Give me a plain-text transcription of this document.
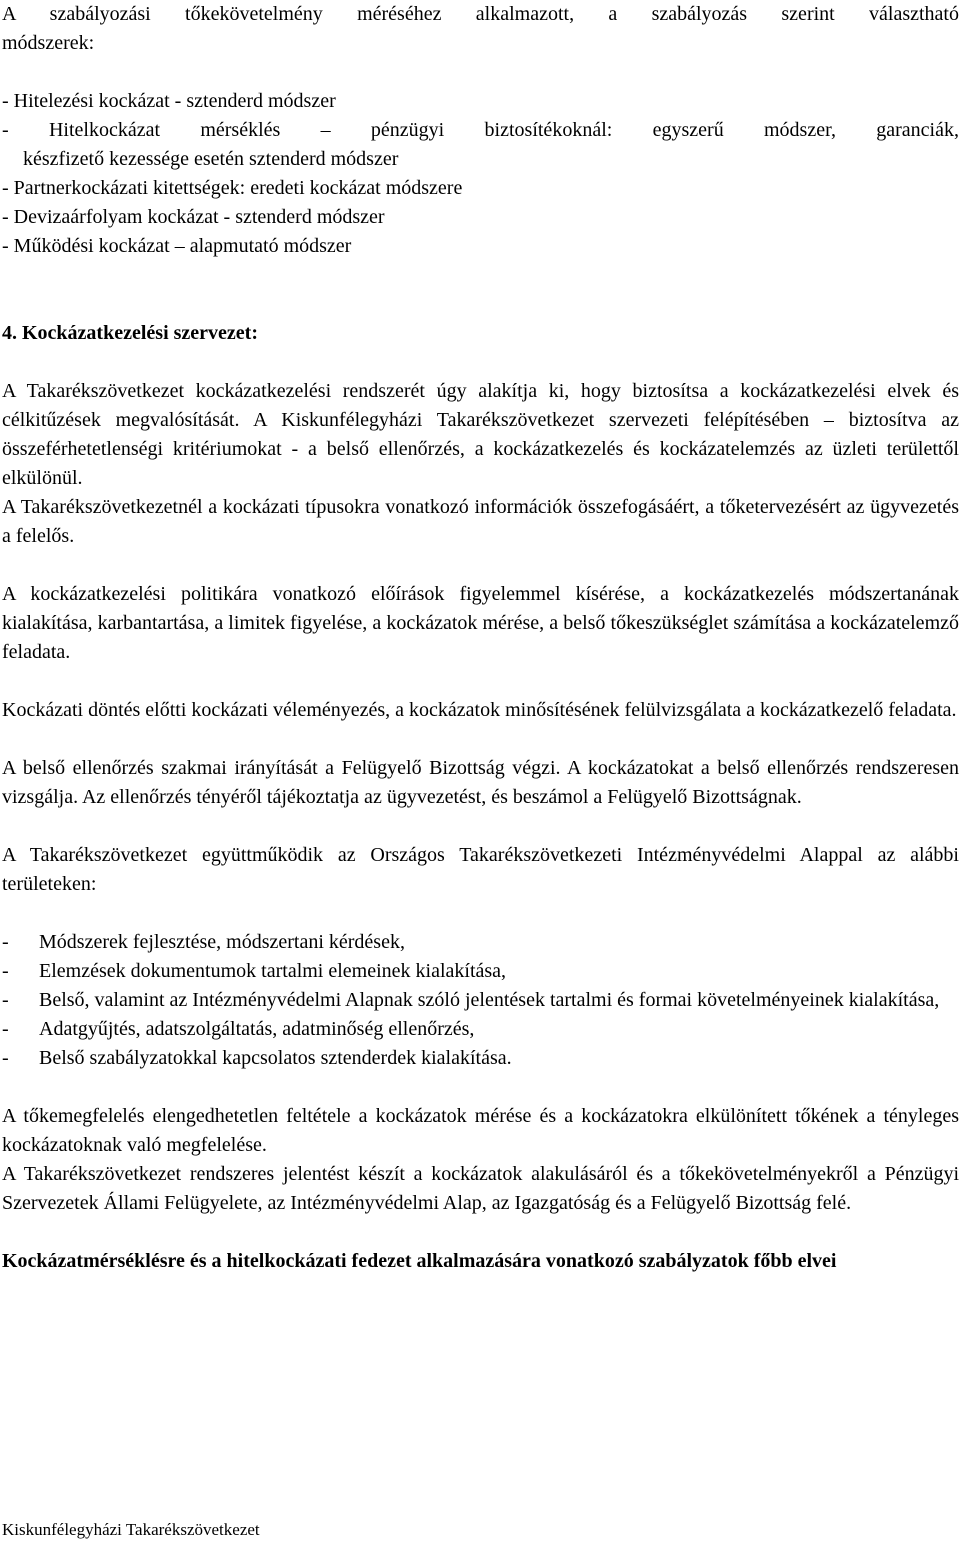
A szabályozási tőkekövetelmény méréséhez alkalmazott, a szabályozás szerint választható

módszerek:

- Hitelezési kockázat - sztenderd módszer

- Hitelkockázat mérséklés – pénzügyi biztosítékoknál: egyszerű módszer, garanciák,

készfizető kezessége esetén sztenderd módszer

- Partnerkockázati kitettségek: eredeti kockázat módszere

- Devizaárfolyam kockázat - sztenderd módszer

- Működési kockázat – alapmutató módszer

4. Kockázatkezelési szervezet:

A Takarékszövetkezet kockázatkezelési rendszerét úgy alakítja ki, hogy biztosítsa a kockázatkezelési elvek és célkitűzések megvalósítását. A Kiskunfélegyházi Takarékszövetkezet szervezeti felépítésében – biztosítva az összeférhetetlenségi kritériumokat - a belső ellenőrzés, a kockázatkezelés és kockázatelemzés az üzleti területtől elkülönül.

A Takarékszövetkezetnél a kockázati típusokra vonatkozó információk összefogásáért, a tőketervezésért az ügyvezetés a felelős.

A kockázatkezelési politikára vonatkozó előírások figyelemmel kísérése, a kockázatkezelés módszertanának kialakítása, karbantartása, a limitek figyelése, a kockázatok mérése, a belső tőkeszükséglet számítása a kockázatelemző feladata.

Kockázati döntés előtti kockázati véleményezés, a kockázatok minősítésének felülvizsgálata a kockázatkezelő feladata.

A belső ellenőrzés szakmai irányítását a Felügyelő Bizottság végzi. A kockázatokat a belső ellenőrzés rendszeresen vizsgálja. Az ellenőrzés tényéről tájékoztatja az ügyvezetést, és beszámol a Felügyelő Bizottságnak.

A Takarékszövetkezet együttműködik az Országos Takarékszövetkezeti Intézményvédelmi Alappal az alábbi területeken:

-	Módszerek fejlesztése, módszertani kérdések,
-	Elemzések dokumentumok tartalmi elemeinek kialakítása,
-	Belső, valamint az Intézményvédelmi Alapnak szóló jelentések tartalmi és formai követelményeinek kialakítása,
-	Adatgyűjtés, adatszolgáltatás, adatminőség ellenőrzés,
-	Belső szabályzatokkal kapcsolatos sztenderdek kialakítása.

A tőkemegfelelés elengedhetetlen feltétele a kockázatok mérése és a kockázatokra elkülönített tőkének a tényleges kockázatoknak való megfelelése.

A Takarékszövetkezet rendszeres jelentést készít a kockázatok alakulásáról és a tőkekövetelményekről a Pénzügyi Szervezetek Állami Felügyelete, az Intézményvédelmi Alap, az Igazgatóság és a Felügyelő Bizottság felé.

Kockázatmérséklésre és a hitelkockázati fedezet alkalmazására vonatkozó szabályzatok főbb elvei

Kiskunfélegyházi Takarékszövetkezet
